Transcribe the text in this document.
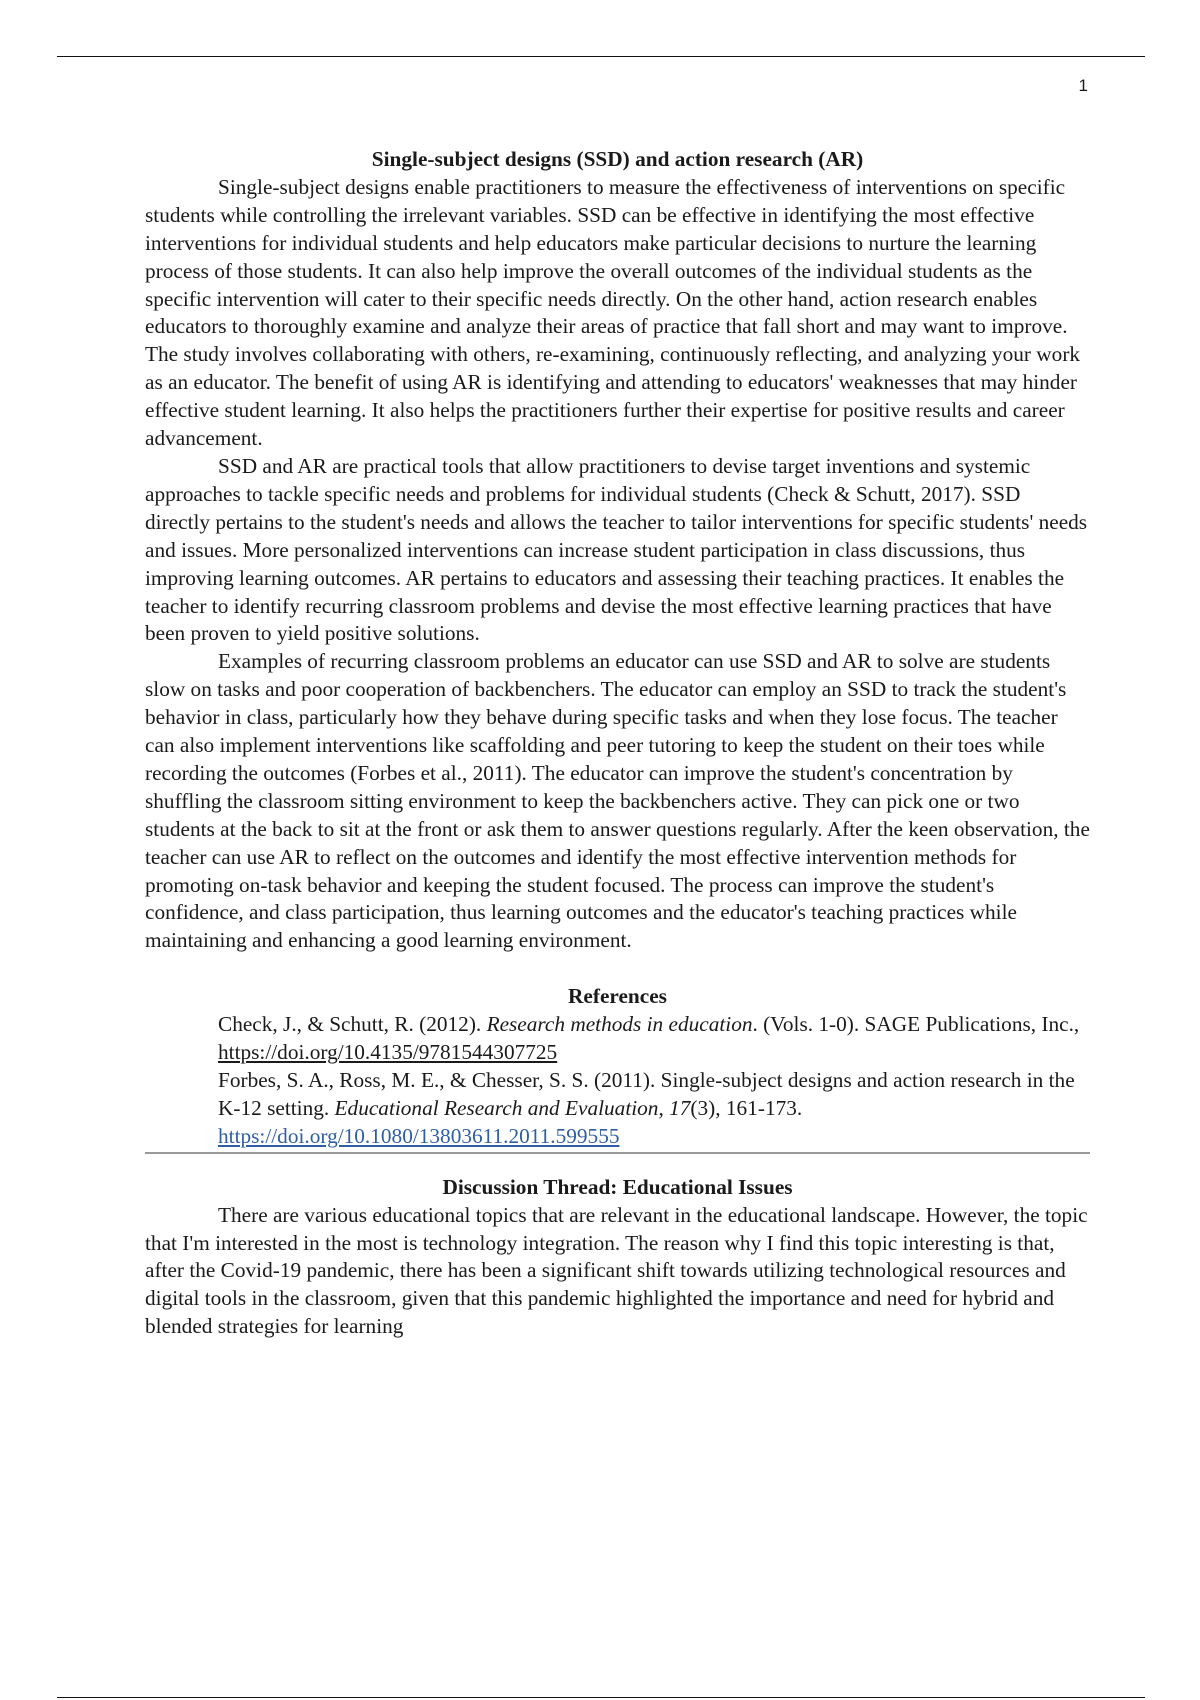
1

Single-subject designs (SSD) and action research (AR)

Single-subject designs enable practitioners to measure the effectiveness of interventions on specific students while controlling the irrelevant variables. SSD can be effective in identifying the most effective interventions for individual students and help educators make particular decisions to nurture the learning process of those students. It can also help improve the overall outcomes of the individual students as the specific intervention will cater to their specific needs directly. On the other hand, action research enables educators to thoroughly examine and analyze their areas of practice that fall short and may want to improve. The study involves collaborating with others, re-examining, continuously reflecting, and analyzing your work as an educator. The benefit of using AR is identifying and attending to educators' weaknesses that may hinder effective student learning. It also helps the practitioners further their expertise for positive results and career advancement.

SSD and AR are practical tools that allow practitioners to devise target inventions and systemic approaches to tackle specific needs and problems for individual students (Check & Schutt, 2017). SSD directly pertains to the student's needs and allows the teacher to tailor interventions for specific students' needs and issues. More personalized interventions can increase student participation in class discussions, thus improving learning outcomes. AR pertains to educators and assessing their teaching practices. It enables the teacher to identify recurring classroom problems and devise the most effective learning practices that have been proven to yield positive solutions.

Examples of recurring classroom problems an educator can use SSD and AR to solve are students slow on tasks and poor cooperation of backbenchers. The educator can employ an SSD to track the student's behavior in class, particularly how they behave during specific tasks and when they lose focus. The teacher can also implement interventions like scaffolding and peer tutoring to keep the student on their toes while recording the outcomes (Forbes et al., 2011). The educator can improve the student's concentration by shuffling the classroom sitting environment to keep the backbenchers active. They can pick one or two students at the back to sit at the front or ask them to answer questions regularly. After the keen observation, the teacher can use AR to reflect on the outcomes and identify the most effective intervention methods for promoting on-task behavior and keeping the student focused. The process can improve the student's confidence, and class participation, thus learning outcomes and the educator's teaching practices while maintaining and enhancing a good learning environment.

References

Check, J., & Schutt, R. (2012). Research methods in education. (Vols. 1-0). SAGE Publications, Inc., https://doi.org/10.4135/9781544307725

Forbes, S. A., Ross, M. E., & Chesser, S. S. (2011). Single-subject designs and action research in the K-12 setting. Educational Research and Evaluation, 17(3), 161-173. https://doi.org/10.1080/13803611.2011.599555

Discussion Thread: Educational Issues

There are various educational topics that are relevant in the educational landscape. However, the topic that I'm interested in the most is technology integration. The reason why I find this topic interesting is that, after the Covid-19 pandemic, there has been a significant shift towards utilizing technological resources and digital tools in the classroom, given that this pandemic highlighted the importance and need for hybrid and blended strategies for learning
